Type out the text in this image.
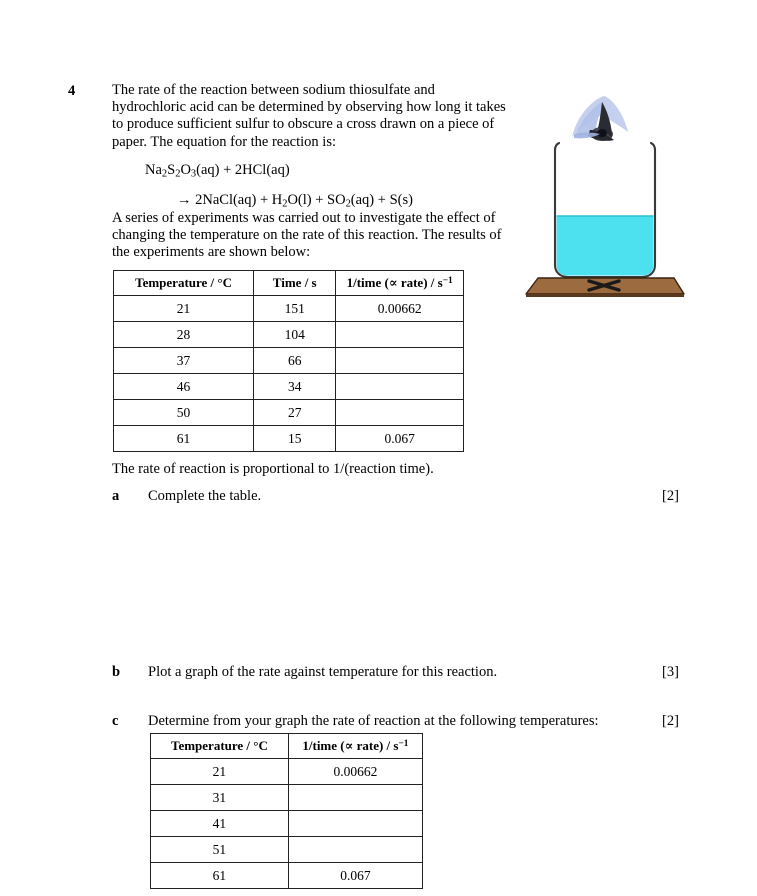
4	The rate of the reaction between sodium thiosulfate and hydrochloric acid can be determined by observing how long it takes to produce sufficient sulfur to obscure a cross drawn on a piece of paper. The equation for the reaction is:
$Na_2S_2O_3(aq) + 2HCl(aq)$
→ 2NaCl(aq) + $H_2O(l) + SO_2(aq) + S(s)$
A series of experiments was carried out to investigate the effect of changing the temperature on the rate of this reaction. The results of the experiments are shown below:
Temperature / °C	Time / s	1/time (∝ rate) / $s^{-1}$
21	151	0.00662
28	104	
37	66	
46	34	
50	27	
61	15	0.067
The rate of reaction is proportional to 1/(reaction time).
a Complete the table.	[2]
b Plot a graph of the rate against temperature for this reaction.	[3]
c Determine from your graph the rate of reaction at the following temperatures:	[2]
Temperature / °C	1/time (∝ rate) / $s^{-1}$
21	0.00662
31	
41	
51	
61	0.067
